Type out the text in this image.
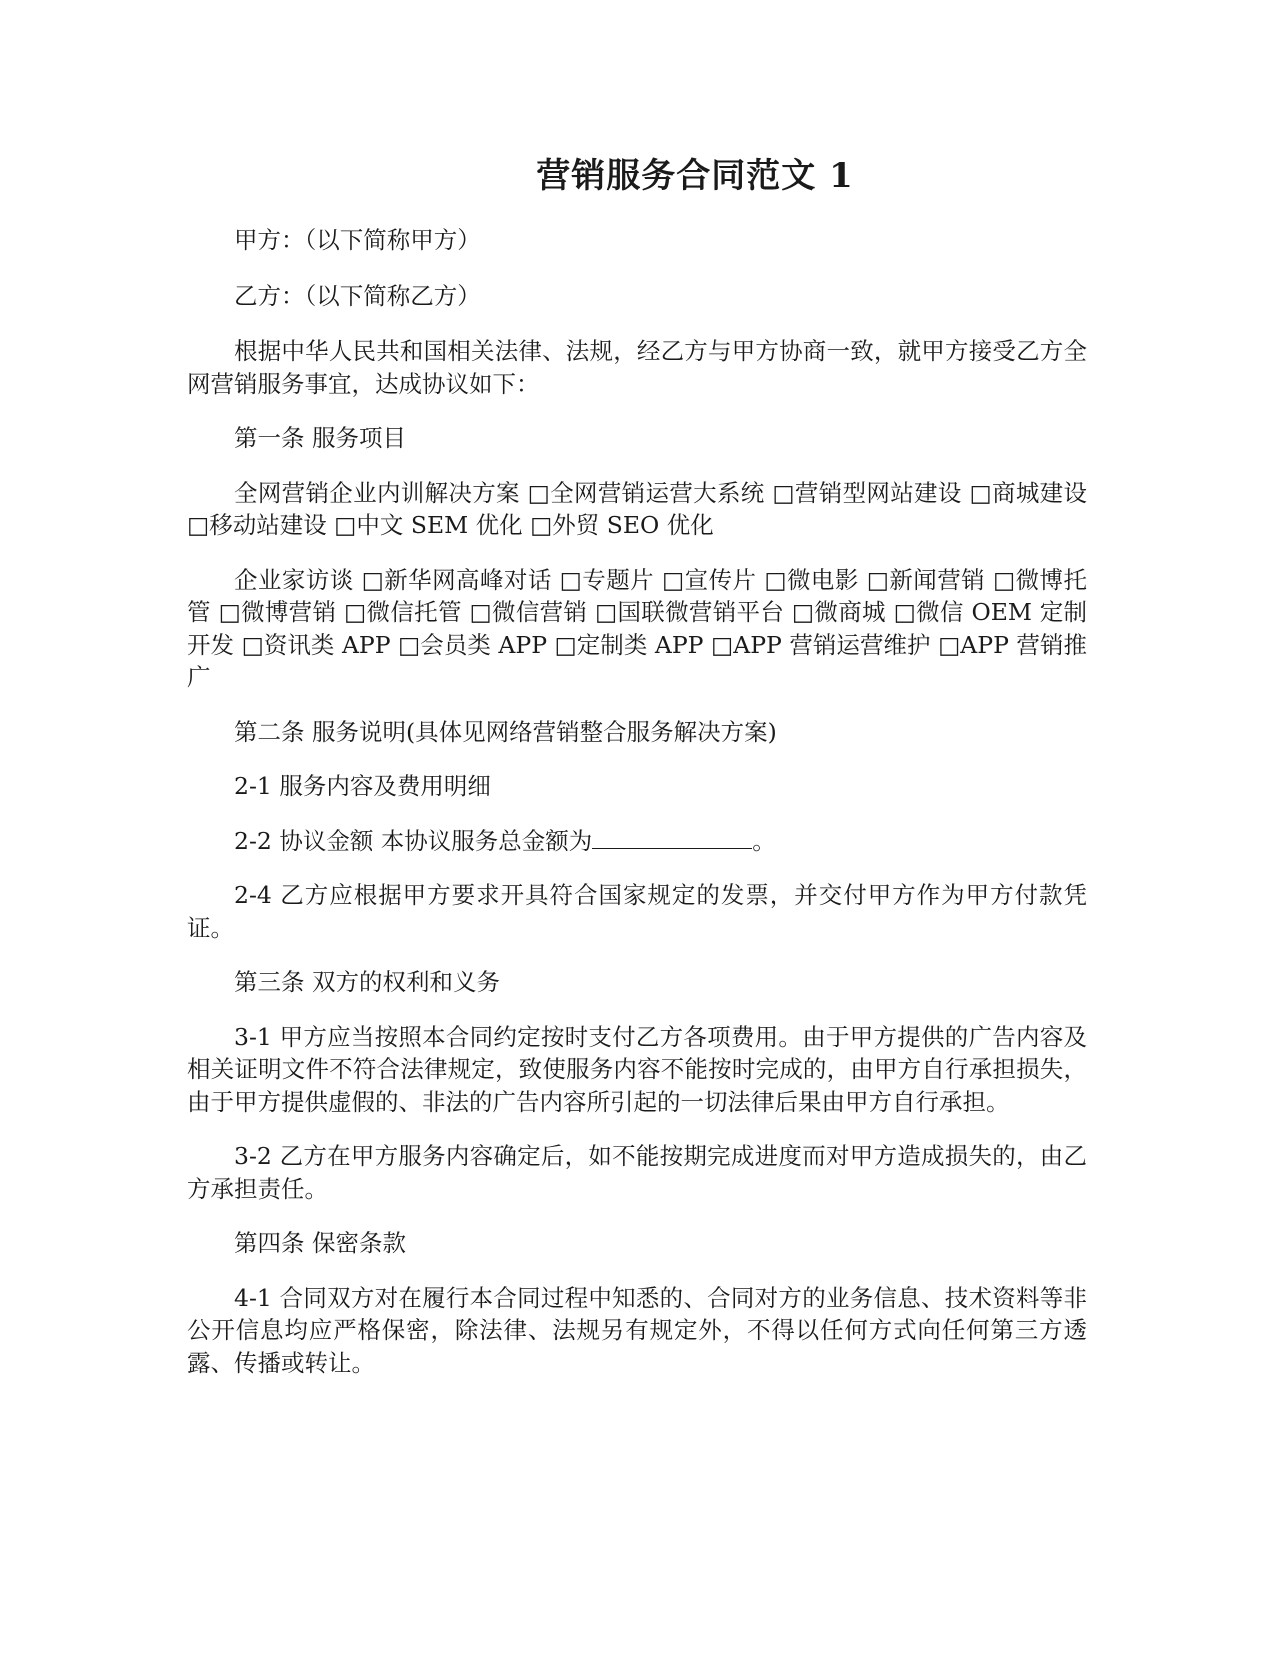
营销服务合同范文 1

甲方：（以下简称甲方）

乙方：（以下简称乙方）

根据中华人民共和国相关法律、法规，经乙方与甲方协商一致，就甲方接受乙方全网营销服务事宜，达成协议如下：

第一条 服务项目

全网营销企业内训解决方案 □全网营销运营大系统 □营销型网站建设 □商城建设 □移动站建设 □中文 SEM 优化 □外贸 SEO 优化

企业家访谈 □新华网高峰对话 □专题片 □宣传片 □微电影 □新闻营销 □微博托管 □微博营销 □微信托管 □微信营销 □国联微营销平台 □微商城 □微信 OEM 定制开发 □资讯类 APP □会员类 APP □定制类 APP □APP 营销运营维护 □APP 营销推广

第二条 服务说明(具体见网络营销整合服务解决方案)

2-1 服务内容及费用明细

2-2 协议金额 本协议服务总金额为	。

2-4 乙方应根据甲方要求开具符合国家规定的发票，并交付甲方作为甲方付款凭证。

第三条 双方的权利和义务

3-1 甲方应当按照本合同约定按时支付乙方各项费用。由于甲方提供的广告内容及相关证明文件不符合法律规定，致使服务内容不能按时完成的，由甲方自行承担损失，由于甲方提供虚假的、非法的广告内容所引起的一切法律后果由甲方自行承担。

3-2 乙方在甲方服务内容确定后，如不能按期完成进度而对甲方造成损失的，由乙方承担责任。

第四条 保密条款

4-1 合同双方对在履行本合同过程中知悉的、合同对方的业务信息、技术资料等非公开信息均应严格保密，除法律、法规另有规定外，不得以任何方式向任何第三方透露、传播或转让。
